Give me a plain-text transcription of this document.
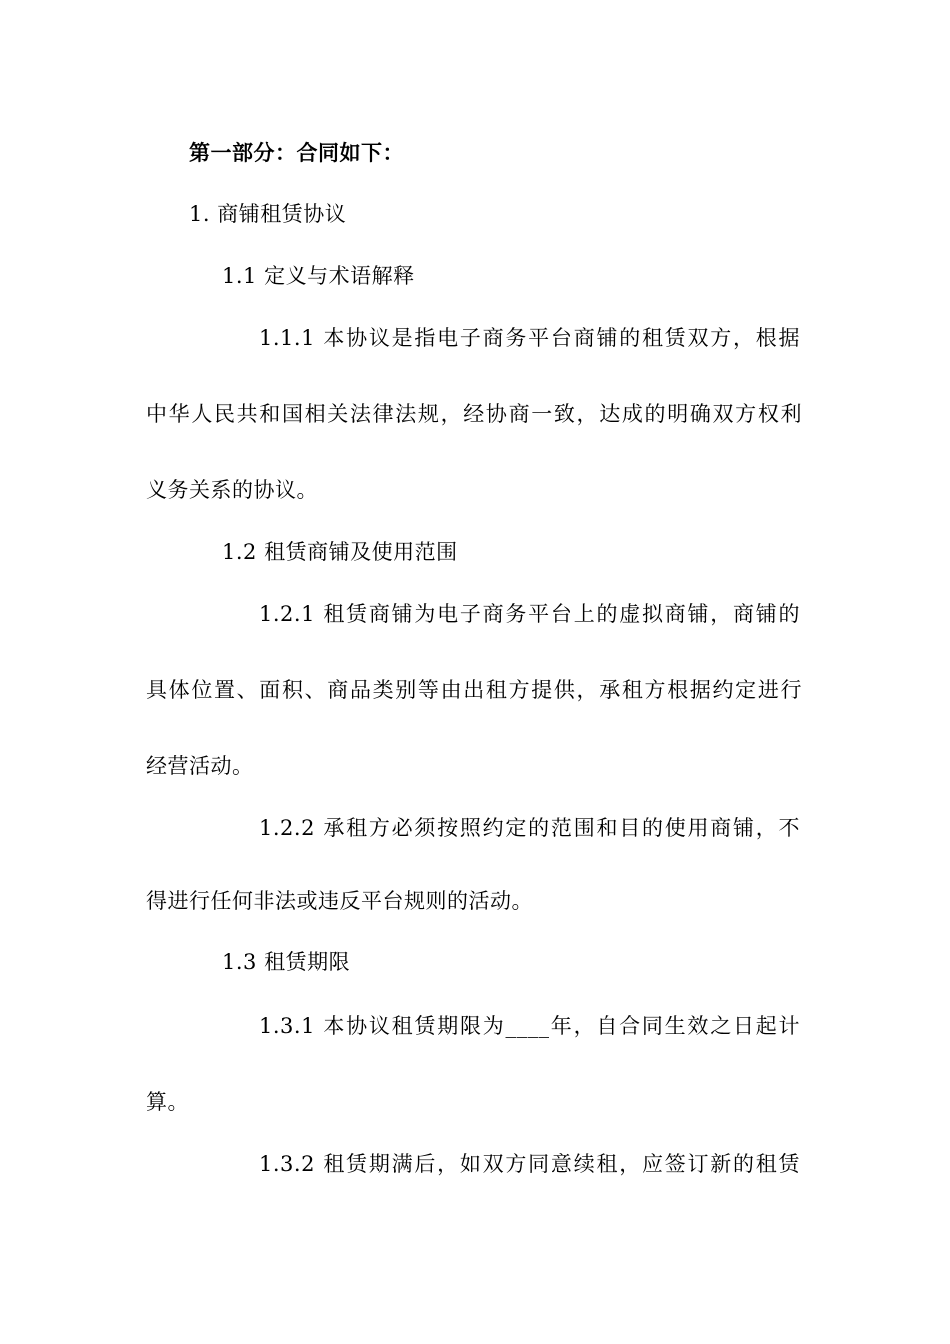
第一部分：合同如下：
1. 商铺租赁协议
1.1 定义与术语解释
1.1.1 本协议是指电子商务平台商铺的租赁双方，根据
中华人民共和国相关法律法规，经协商一致，达成的明确双方权利
义务关系的协议。
1.2 租赁商铺及使用范围
1.2.1 租赁商铺为电子商务平台上的虚拟商铺，商铺的
具体位置、面积、商品类别等由出租方提供，承租方根据约定进行
经营活动。
1.2.2 承租方必须按照约定的范围和目的使用商铺，不
得进行任何非法或违反平台规则的活动。
1.3 租赁期限
1.3.1 本协议租赁期限为____年，自合同生效之日起计
算。
1.3.2 租赁期满后，如双方同意续租，应签订新的租赁
